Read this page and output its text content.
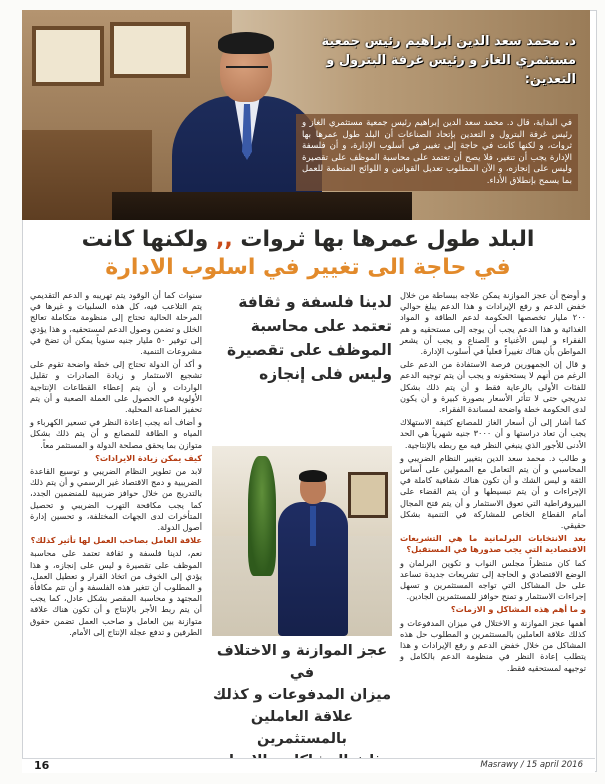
د. محمد سعد الدين ابراهيم رئيس جمعية مستثمري الغاز و رئيس غرفة البترول و التعدين:
في البداية، قال د. محمد سعد الدين إبراهيم رئيس جمعية مستثمري الغاز و رئيس غرفة البترول و التعدين بإتحاد الصناعات أن البلد طول عمرها بها ثروات، و لكنها كانت في حاجة إلى تغيير في أسلوب الإدارة، و أن فلسفة الإدارة يجب أن تتغير، فلا يصح أن تعتمد على محاسبة الموظف على تقصيرة وليس على إنجازه، و الآن المطلوب تعديل القوانين و اللوائح المنظمة للعمل بما يسمح بإنطلاق الأداء.
البلد طول عمرها بها ثروات ,, ولكنها كانت
في حاجة الى تغيير في اسلوب الادارة

و أوضح أن عجز الموازنة يمكن علاجه ببساطة من خلال خفض الدعم و رفع الإيرادات و هذا الدعم يبلغ حوالي ٢٠٠ مليار تخصصها الحكومة لدعم الطاقة و المواد الغذائية و هذا الدعم يجب أن يوجه إلى مستحقيه و هم الفقراء و ليس الأغنياء و الصناع و يجب أن يشعر المواطن بأن هناك تغييراً فعلياً في أسلوب الإدارة.

و قال إن الجمهورين فرصة الاستفادة من الدعم على الرغم من أنهم لا يستحقونه و يجب أن يتم توجيه الدعم للفئات الأولى بالرعاية فقط و أن يتم ذلك بشكل تدريجي حتى لا تتأثر الأسعار بصورة كبيرة و أن يكون لدى الحكومة خطة واضحة لمساندة الفقراء.

كما أشار إلى أن أسعار الغاز للمصانع كثيفة الاستهلاك يجب أن تعاد دراستها و أن ٣٠٠٠ جنيه شهرياً هي الحد الأدنى للأجور الذي ينبغي النظر فيه مع ربطه بالإنتاجية.

و طالب د. محمد سعد الدين بتغيير النظام الضريبي و المحاسبي و أن يتم التعامل مع الممولين على أساس الثقة و ليس الشك و أن تكون هناك شفافية كاملة في الإجراءات و أن يتم تبسيطها و أن يتم القضاء على البيروقراطية التي تعوق الاستثمار و أن يتم فتح المجال أمام القطاع الخاص للمشاركة في التنمية بشكل حقيقي.

بعد الانتخابات البرلمانية ما هي التشريعات الاقتصادية التي يجب صدورها في المستقبل؟

كما كان منتظراً مجلس النواب و تكوين البرلمان و الوضع الاقتصادي و الحاجة إلى تشريعات جديدة تساعد على حل المشاكل التي تواجه المستثمرين و تسهل إجراءات الاستثمار و تمنح حوافز للمستثمرين الجادين.

و ما أهم هذه المشاكل و الازمات؟

أهمها عجز الموازنة و الاختلال في ميزان المدفوعات و كذلك علاقة العاملين بالمستثمرين و المطلوب حل هذه المشاكل من خلال خفض الدعم و رفع الإيرادات و هذا يتطلب إعادة النظر في منظومة الدعم بالكامل و توجيهه لمستحقيه فقط.

لدينا فلسفة و ثقافة
تعتمد على محاسبة
الموظف على تقصيرة
وليس فلى إنجازه
عجز الموازنة و الاختلاف في
ميزان المدفوعات و كذلك
علاقة العاملين بالمستثمرين

سنوات كما أن الوقود يتم تهريبه و الدعم التقديمي يتم التلاعب فيه، كل هذه السلبيات و غيرها في المرحلة الحالية تحتاج إلى منظومة متكاملة تعالج الخلل و تضمن وصول الدعم لمستحقيه، و هذا يؤدي إلى توفير ٥٠ مليار جنيه سنوياً يمكن أن تضخ في مشروعات التنمية.

و أكد أن الدولة تحتاج إلى خطة واضحة تقوم على تشجيع الاستثمار و زيادة الصادرات و تقليل الواردات و أن يتم إعطاء القطاعات الإنتاجية الأولوية في الحصول على العملة الصعبة و أن يتم تحفيز الصناعة المحلية.

و أضاف أنه يجب إعادة النظر في تسعير الكهرباء و المياه و الطاقة للمصانع و أن يتم ذلك بشكل متوازن بما يحقق مصلحة الدولة و المستثمر معاً.

كيف يمكن زيادة الايرادات؟

لابد من تطوير النظام الضريبي و توسيع القاعدة الضريبية و دمج الاقتصاد غير الرسمي و أن يتم ذلك بالتدريج من خلال حوافز ضريبية للمنضمين الجدد، كما يجب مكافحة التهرب الضريبي و تحصيل المتأخرات لدى الجهات المختلفة، و تحسين إدارة أصول الدولة.

علاقة العامل بصاحب العمل لها تأثير كذلك؟

نعم، لدينا فلسفة و ثقافة تعتمد على محاسبة الموظف على تقصيرة و ليس على إنجازه، و هذا يؤدي إلى الخوف من اتخاذ القرار و تعطيل العمل، و المطلوب أن تتغير هذه الفلسفة و أن تتم مكافأة المجتهد و محاسبة المقصر بشكل عادل، كما يجب أن يتم ربط الأجر بالإنتاج و أن تكون هناك علاقة متوازنة بين العامل و صاحب العمل تضمن حقوق الطرفين و تدفع عجلة الإنتاج إلى الأمام.

16	Masrawy / 15 april 2016
